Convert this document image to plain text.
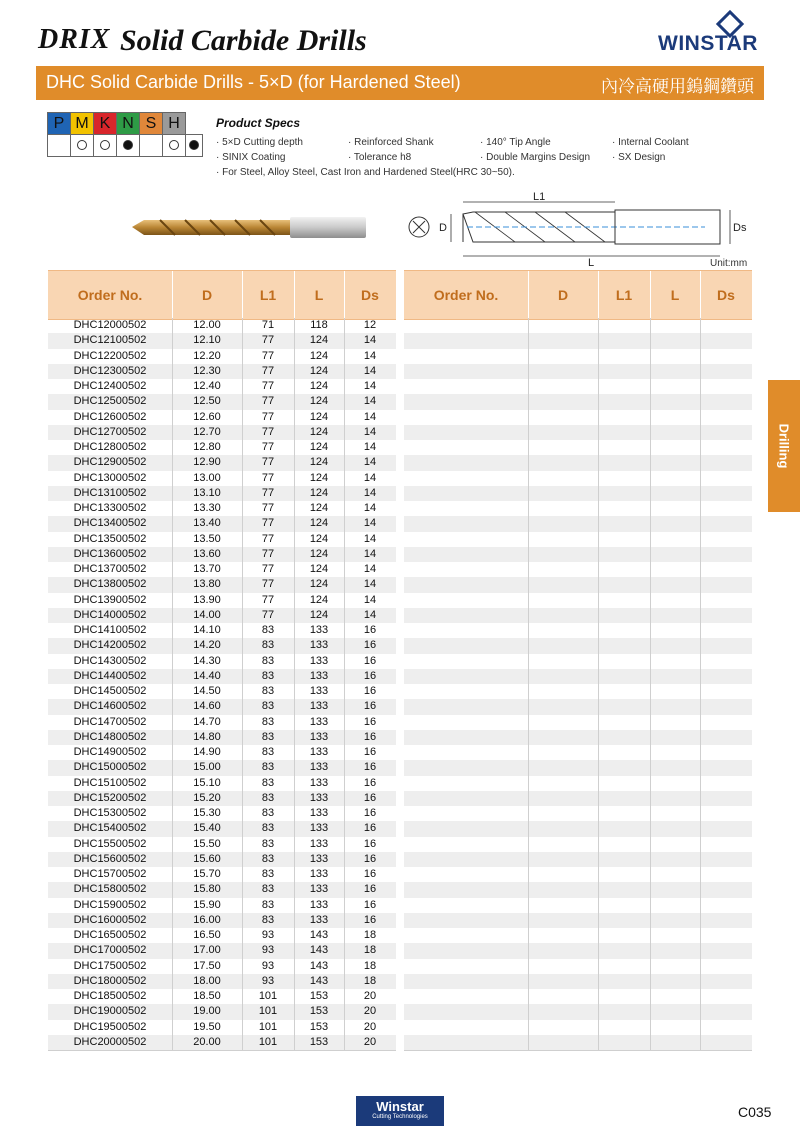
DRIX Solid Carbide Drills	WINSTAR
DHC Solid Carbide Drills - 5×D (for Hardened Steel)	內冷高硬用鎢鋼鑽頭
P	M	K	N	S	H	
							Product Specs
· 5×D Cutting depth	· Reinforced Shank	· 140° Tip Angle	· Internal Coolant
· SINIX Coating	· Tolerance h8	· Double Margins Design · SX Design
· For Steel, Alloy Steel, Cast Iron and Hardened Steel(HRC 30~50).
L1
D	Ds
L	Unit:mm
Order No.	D	L1	L	Ds
DHC12000502	12.00	71	118	12
DHC12100502	12.10	77	124	14
DHC12200502	12.20	77	124	14
DHC12300502	12.30	77	124	14
DHC12400502	12.40	77	124	14
DHC12500502	12.50	77	124	14
DHC12600502	12.60	77	124	14
DHC12700502	12.70	77	124	14
DHC12800502	12.80	77	124	14
DHC12900502	12.90	77	124	14
DHC13000502	13.00	77	124	14
DHC13100502	13.10	77	124	14
DHC13300502	13.30	77	124	14
DHC13400502	13.40	77	124	14
DHC13500502	13.50	77	124	14
DHC13600502	13.60	77	124	14
DHC13700502	13.70	77	124	14
DHC13800502	13.80	77	124	14
DHC13900502	13.90	77	124	14
DHC14000502	14.00	77	124	14
DHC14100502	14.10	83	133	16
DHC14200502	14.20	83	133	16
DHC14300502	14.30	83	133	16
DHC14400502	14.40	83	133	16
DHC14500502	14.50	83	133	16
DHC14600502	14.60	83	133	16
DHC14700502	14.70	83	133	16
DHC14800502	14.80	83	133	16
DHC14900502	14.90	83	133	16
DHC15000502	15.00	83	133	16
DHC15100502	15.10	83	133	16
DHC15200502	15.20	83	133	16
DHC15300502	15.30	83	133	16
DHC15400502	15.40	83	133	16
DHC15500502	15.50	83	133	16
DHC15600502	15.60	83	133	16
DHC15700502	15.70	83	133	16
DHC15800502	15.80	83	133	16
DHC15900502	15.90	83	133	16
DHC16000502	16.00	83	133	16
DHC16500502	16.50	93	143	18
DHC17000502	17.00	93	143	18
DHC17500502	17.50	93	143	18
DHC18000502	18.00	93	143	18
DHC18500502	18.50	101	153	20
DHC19000502	19.00	101	153	20
DHC19500502	19.50	101	153	20
DHC20000502	20.00	101	153	20
Order No.	D	L1	L	Ds
Drilling
Winstar
Cutting Technologies	C035
